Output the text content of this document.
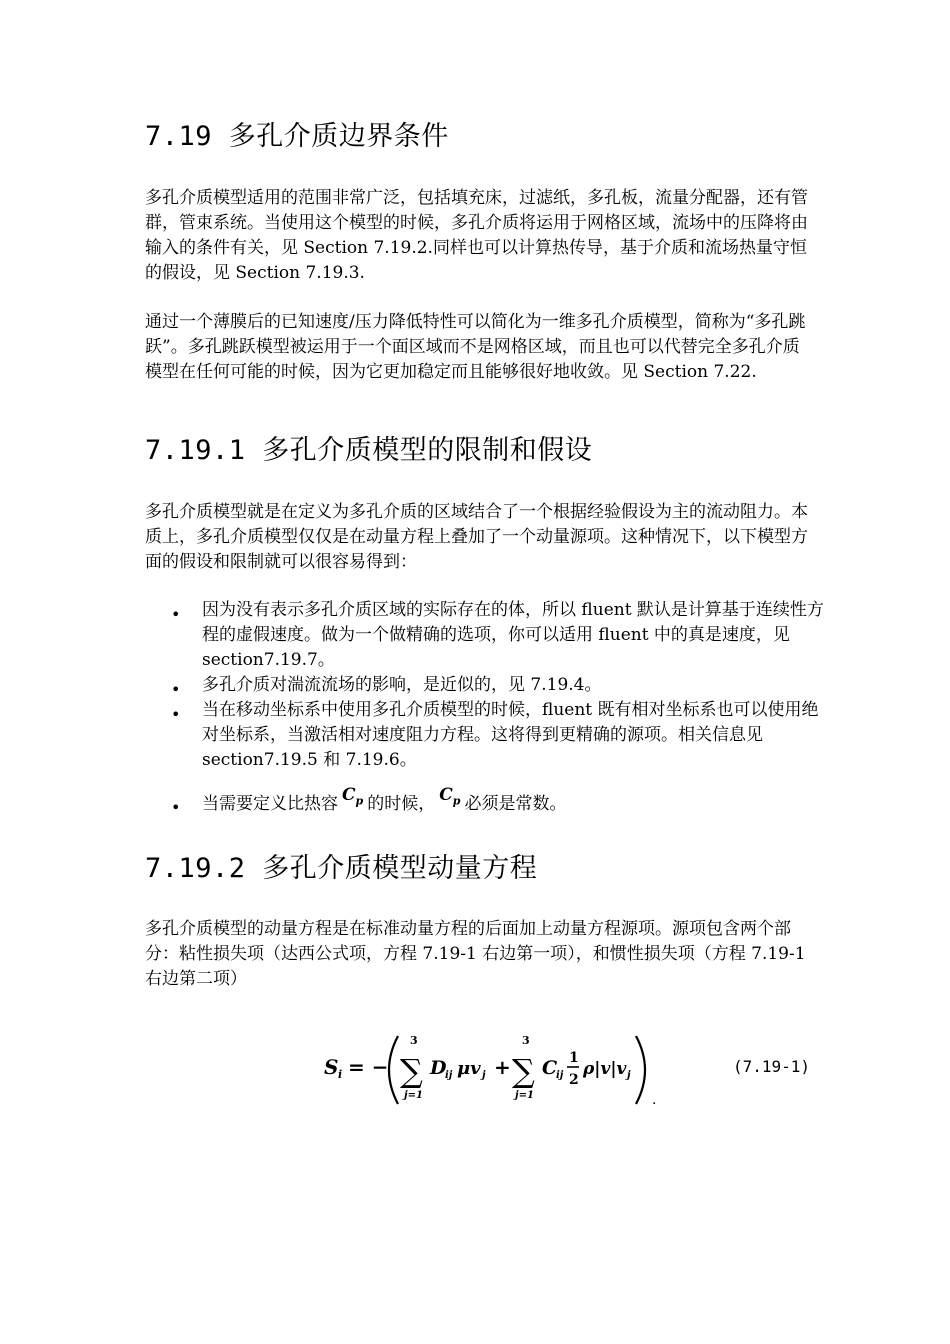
7.19 多孔介质边界条件

多孔介质模型适用的范围非常广泛，包括填充床，过滤纸，多孔板，流量分配器，还有管群，管束系统。当使用这个模型的时候，多孔介质将运用于网格区域，流场中的压降将由输入的条件有关，见 Section 7.19.2.同样也可以计算热传导，基于介质和流场热量守恒的假设，见 Section 7.19.3.

通过一个薄膜后的已知速度/压力降低特性可以简化为一维多孔介质模型，简称为“多孔跳跃”。多孔跳跃模型被运用于一个面区域而不是网格区域，而且也可以代替完全多孔介质模型在任何可能的时候，因为它更加稳定而且能够很好地收敛。见 Section 7.22.

7.19.1 多孔介质模型的限制和假设

多孔介质模型就是在定义为多孔介质的区域结合了一个根据经验假设为主的流动阻力。本质上，多孔介质模型仅仅是在动量方程上叠加了一个动量源项。这种情况下，以下模型方面的假设和限制就可以很容易得到：

• 因为没有表示多孔介质区域的实际存在的体，所以 fluent 默认是计算基于连续性方程的虚假速度。做为一个做精确的选项，你可以适用 fluent 中的真是速度，见 section7.19.7。
• 多孔介质对湍流流场的影响，是近似的，见 7.19.4。
• 当在移动坐标系中使用多孔介质模型的时候，fluent 既有相对坐标系也可以使用绝对坐标系，当激活相对速度阻力方程。这将得到更精确的源项。相关信息见 section7.19.5 和 7.19.6。
• 当需要定义比热容 $C_p$ 的时候， $C_p$ 必须是常数。
7.19.2 多孔介质模型动量方程

多孔介质模型的动量方程是在标准动量方程的后面加上动量方程源项。源项包含两个部分：粘性损失项（达西公式项，方程 7.19-1 右边第一项），和惯性损失项（方程 7.19-1 右边第二项）

S i = −
3
∑
j=1
D
ij μv j +
3
∑
j=1
C
ij
1
2
ρ|v|v j	(7.19-1)
.
